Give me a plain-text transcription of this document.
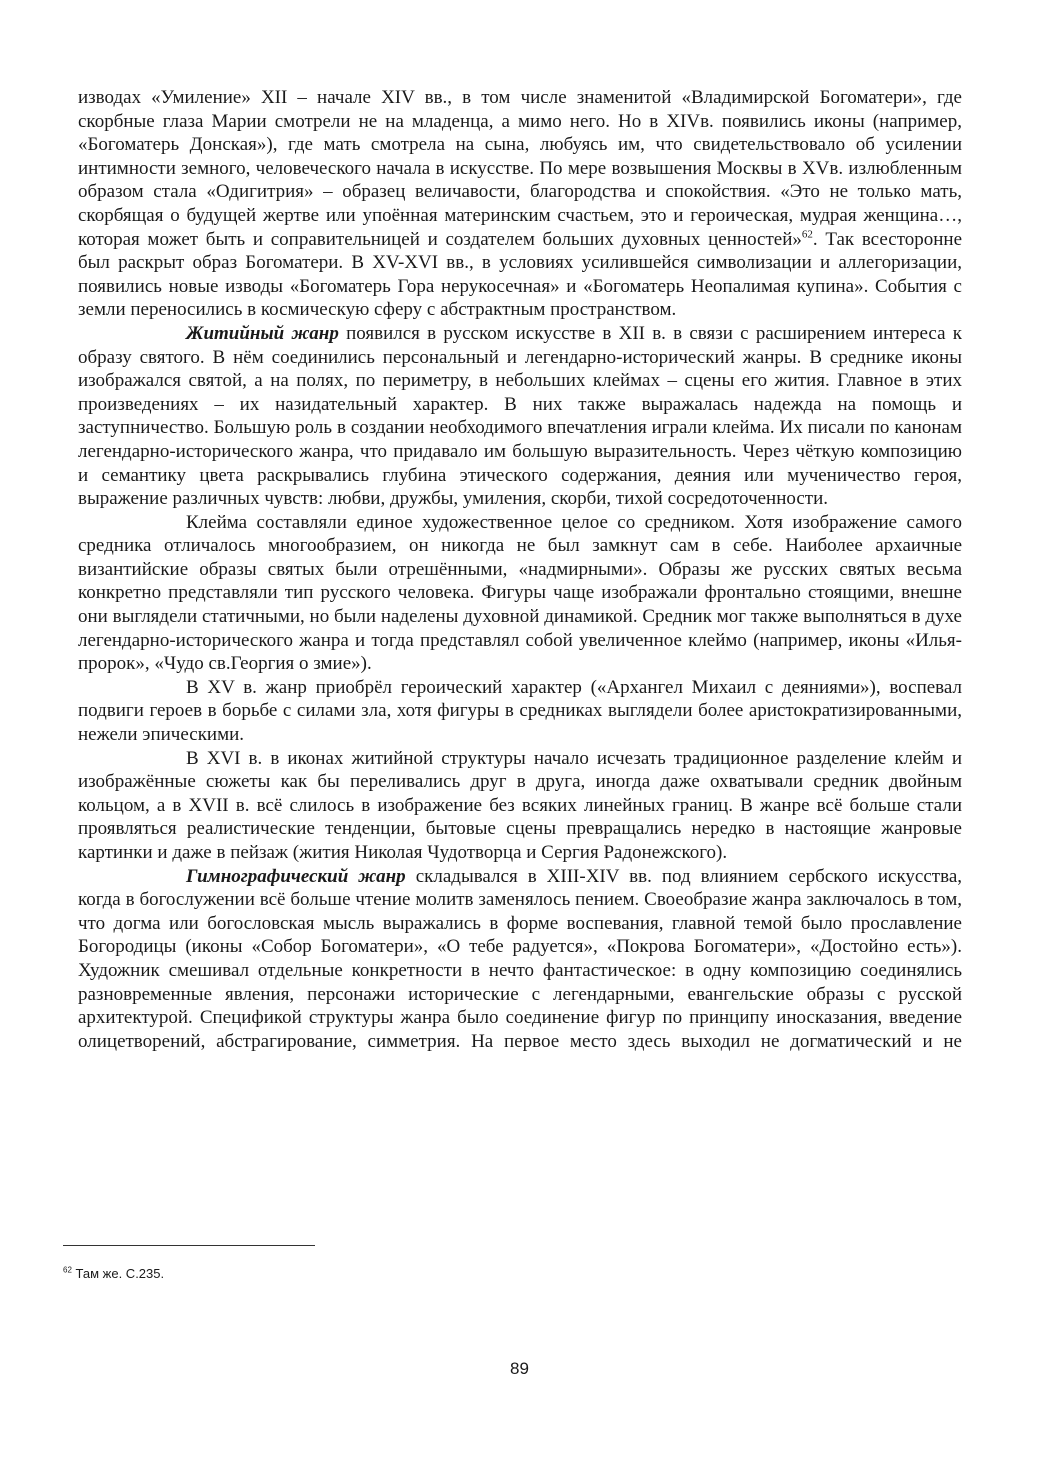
изводах «Умиление» XII – начале XIV вв., в том числе знаменитой «Владимирской Богоматери», где скорбные глаза Марии смотрели не на младенца, а мимо него. Но в XIVв. появились иконы (например, «Богоматерь Донская»), где мать смотрела на сына, любуясь им, что свидетельствовало об усилении интимности земного, человеческого начала в искусстве. По мере возвышения Москвы в XVв. излюбленным образом стала «Одигитрия» – образец величавости, благородства и спокойствия. «Это не только мать, скорбящая о будущей жертве или упоённая материнским счастьем, это и героическая, мудрая женщина…, которая может быть и соправительницей и создателем больших духовных ценностей»$^{62}$. Так всесторонне был раскрыт образ Богоматери. В XV-XVI вв., в условиях усилившейся символизации и аллегоризации, появились новые изводы «Богоматерь Гора нерукосечная» и «Богоматерь Неопалимая купина». События с земли переносились в космическую сферу с абстрактным пространством.

Житийный жанр появился в русском искусстве в XII в. в связи с расширением интереса к образу святого. В нём соединились персональный и легендарно-исторический жанры. В среднике иконы изображался святой, а на полях, по периметру, в небольших клеймах – сцены его жития. Главное в этих произведениях – их назидательный характер. В них также выражалась надежда на помощь и заступничество. Большую роль в создании необходимого впечатления играли клейма. Их писали по канонам легендарно-исторического жанра, что придавало им большую выразительность. Через чёткую композицию и семантику цвета раскрывались глубина этического содержания, деяния или мученичество героя, выражение различных чувств: любви, дружбы, умиления, скорби, тихой сосредоточенности.

Клейма составляли единое художественное целое со средником. Хотя изображение самого средника отличалось многообразием, он никогда не был замкнут сам в себе. Наиболее архаичные византийские образы святых были отрешёнными, «надмирными». Образы же русских святых весьма конкретно представляли тип русского человека. Фигуры чаще изображали фронтально стоящими, внешне они выглядели статичными, но были наделены духовной динамикой. Средник мог также выполняться в духе легендарно-исторического жанра и тогда представлял собой увеличенное клеймо (например, иконы «Илья-пророк», «Чудо св.Георгия о змие»).

В XV в. жанр приобрёл героический характер («Архангел Михаил с деяниями»), воспевал подвиги героев в борьбе с силами зла, хотя фигуры в средниках выглядели более аристократизированными, нежели эпическими.

В XVI в. в иконах житийной структуры начало исчезать традиционное разделение клейм и изображённые сюжеты как бы переливались друг в друга, иногда даже охватывали средник двойным кольцом, а в XVII в. всё слилось в изображение без всяких линейных границ. В жанре всё больше стали проявляться реалистические тенденции, бытовые сцены превращались нередко в настоящие жанровые картинки и даже в пейзаж (жития Николая Чудотворца и Сергия Радонежского).

Гимнографический жанр складывался в XIII-XIV вв. под влиянием сербского искусства, когда в богослужении всё больше чтение молитв заменялось пением. Своеобразие жанра заключалось в том, что догма или богословская мысль выражались в форме воспевания, главной темой было прославление Богородицы (иконы «Собор Богоматери», «О тебе радуется», «Покрова Богоматери», «Достойно есть»). Художник смешивал отдельные конкретности в нечто фантастическое: в одну композицию соединялись разновременные явления, персонажи исторические с легендарными, евангельские образы с русской архитектурой. Спецификой структуры жанра было соединение фигур по принципу иносказания, введение олицетворений, абстрагирование, симметрия. На первое место здесь выходил не догматический и не

$^{62}$ Там же. С.235.
89
